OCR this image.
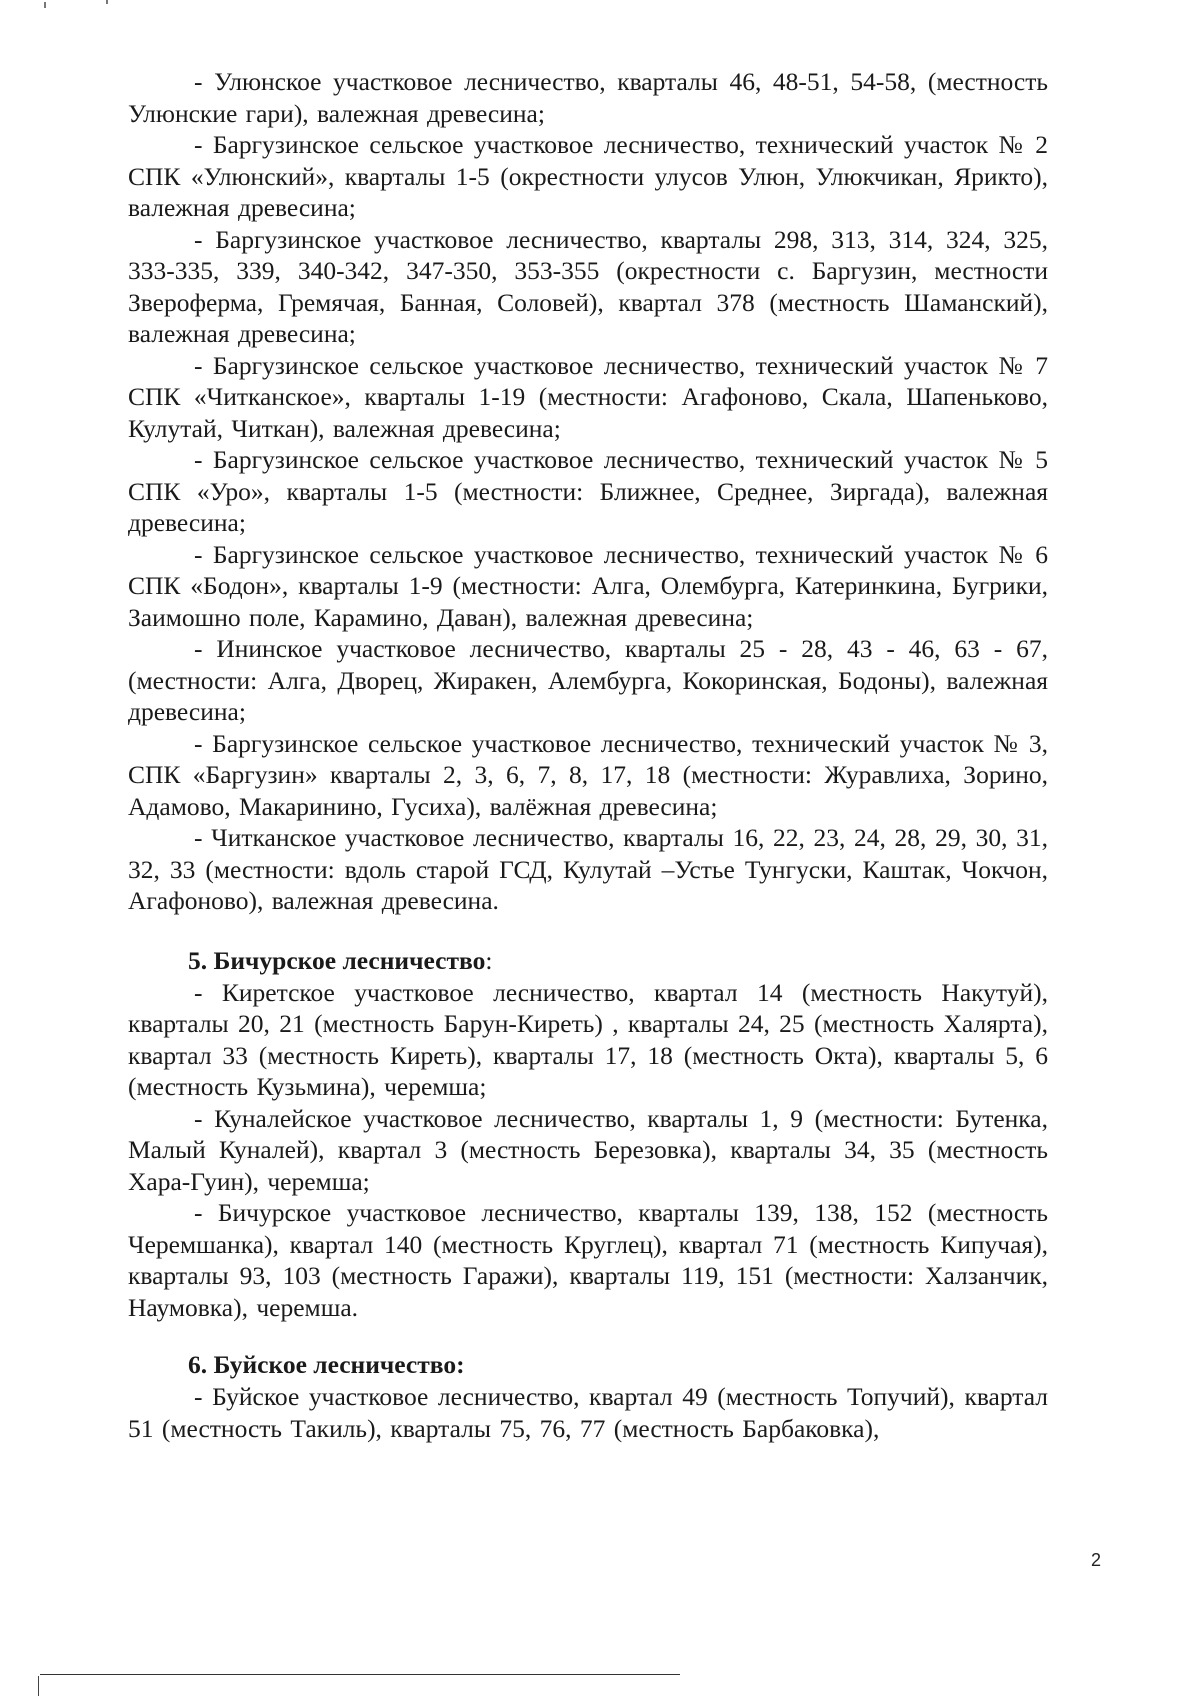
- Улюнское участковое лесничество, кварталы 46, 48-51, 54-58, (местность Улюнские гари), валежная древесина;

- Баргузинское сельское участковое лесничество, технический участок № 2 СПК «Улюнский», кварталы 1-5 (окрестности улусов Улюн, Улюкчикан, Ярикто), валежная древесина;

- Баргузинское участковое лесничество, кварталы 298, 313, 314, 324, 325, 333-335, 339, 340-342, 347-350, 353-355 (окрестности с. Баргузин, местности Звероферма, Гремячая, Банная, Соловей), квартал 378 (местность Шаманский), валежная древесина;

- Баргузинское сельское участковое лесничество, технический участок № 7 СПК «Читканское», кварталы 1-19 (местности: Агафоново, Скала, Шапеньково, Кулутай, Читкан), валежная древесина;

- Баргузинское сельское участковое лесничество, технический участок № 5 СПК «Уро», кварталы 1-5 (местности: Ближнее, Среднее, Зиргада), валежная древесина;

- Баргузинское сельское участковое лесничество, технический участок № 6 СПК «Бодон», кварталы 1-9 (местности: Алга, Олембурга, Катеринкина, Бугрики, Заимошно поле, Карамино, Даван), валежная древесина;

- Ининское участковое лесничество, кварталы 25 - 28, 43 - 46, 63 - 67, (местности: Алга, Дворец, Жиракен, Алембурга, Кокоринская, Бодоны), валежная древесина;

- Баргузинское сельское участковое лесничество, технический участок № 3, СПК «Баргузин» кварталы 2, 3, 6, 7, 8, 17, 18 (местности: Журавлиха, Зорино, Адамово, Макаринино, Гусиха), валёжная древесина;

- Читканское участковое лесничество, кварталы 16, 22, 23, 24, 28, 29, 30, 31, 32, 33 (местности: вдоль старой ГСД, Кулутай –Устье Тунгуски, Каштак, Чокчон, Агафоново), валежная древесина.

5. Бичурское лесничество:

- Киретское участковое лесничество, квартал 14 (местность Накутуй), кварталы 20, 21 (местность Барун-Киреть) , кварталы 24, 25 (местность Халярта), квартал 33 (местность Киреть), кварталы 17, 18 (местность Окта), кварталы 5, 6 (местность Кузьмина), черемша;

- Куналейское участковое лесничество, кварталы 1, 9 (местности: Бутенка, Малый Куналей), квартал 3 (местность Березовка), кварталы 34, 35 (местность Хара-Гуин), черемша;

- Бичурское участковое лесничество, кварталы 139, 138, 152 (местность Черемшанка), квартал 140 (местность Круглец), квартал 71 (местность Кипучая), кварталы 93, 103 (местность Гаражи), кварталы 119, 151 (местности: Халзанчик, Наумовка), черемша.

6. Буйское лесничество:

- Буйское участковое лесничество, квартал 49 (местность Топучий), квартал 51 (местность Такиль), кварталы 75, 76, 77 (местность Барбаковка),

2
